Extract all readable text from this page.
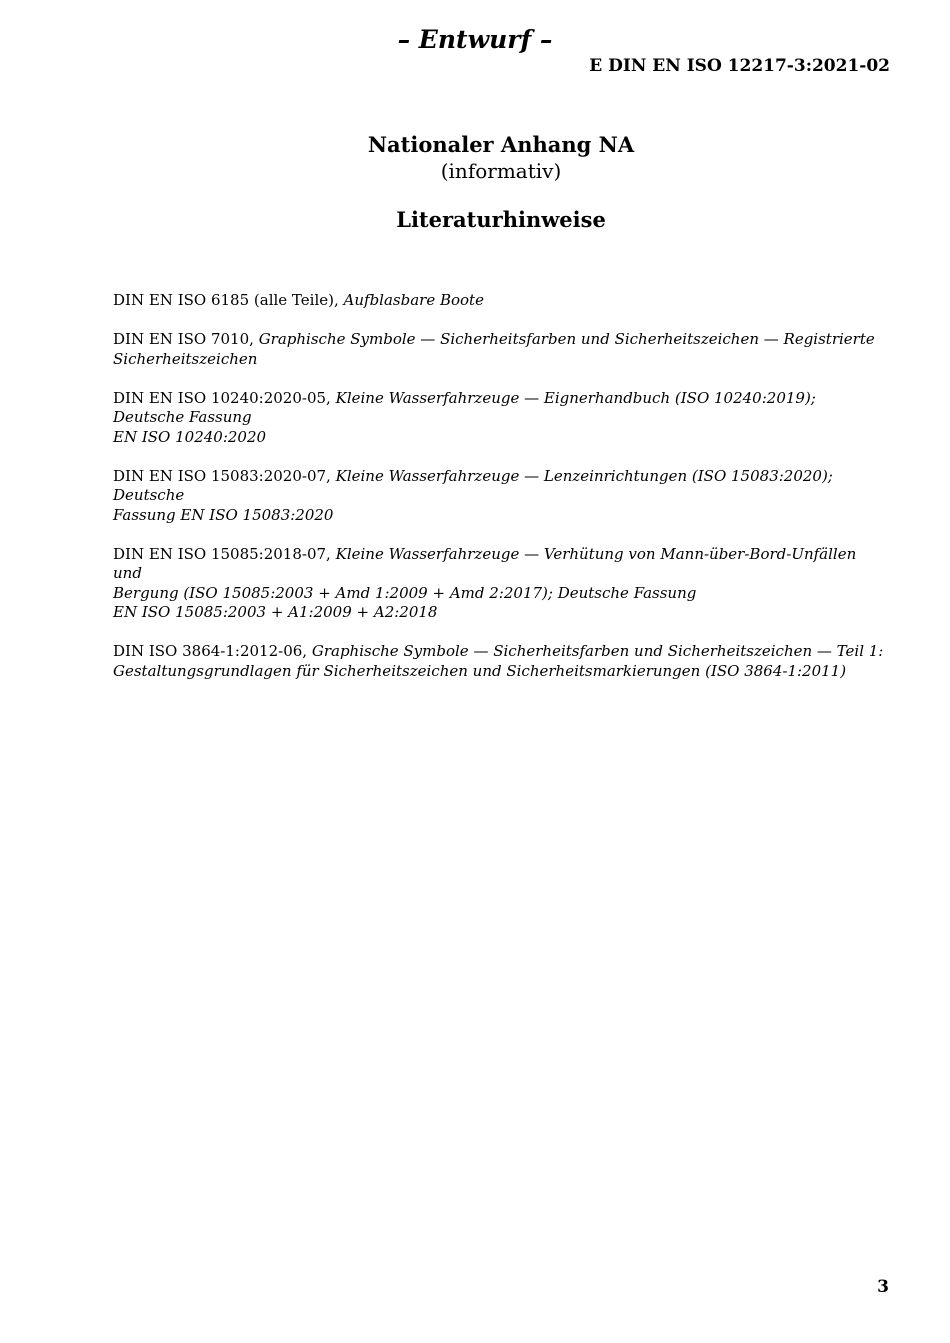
– Entwurf –
E DIN EN ISO 12217-3:2021-02
Nationaler Anhang NA
(informativ)
Literaturhinweise

DIN EN ISO 6185 (alle Teile), Aufblasbare Boote

DIN EN ISO 7010, Graphische Symbole — Sicherheitsfarben und Sicherheitszeichen — Registrierte
Sicherheitszeichen

DIN EN ISO 10240:2020-05, Kleine Wasserfahrzeuge — Eignerhandbuch (ISO 10240:2019); Deutsche Fassung
EN ISO 10240:2020

DIN EN ISO 15083:2020-07, Kleine Wasserfahrzeuge — Lenzeinrichtungen (ISO 15083:2020); Deutsche
Fassung EN ISO 15083:2020

DIN EN ISO 15085:2018-07, Kleine Wasserfahrzeuge — Verhütung von Mann-über-Bord-Unfällen und
Bergung (ISO 15085:2003 + Amd 1:2009 + Amd 2:2017); Deutsche Fassung
EN ISO 15085:2003 + A1:2009 + A2:2018

DIN ISO 3864-1:2012-06, Graphische Symbole — Sicherheitsfarben und Sicherheitszeichen — Teil 1:
Gestaltungsgrundlagen für Sicherheitszeichen und Sicherheitsmarkierungen (ISO 3864-1:2011)

3
